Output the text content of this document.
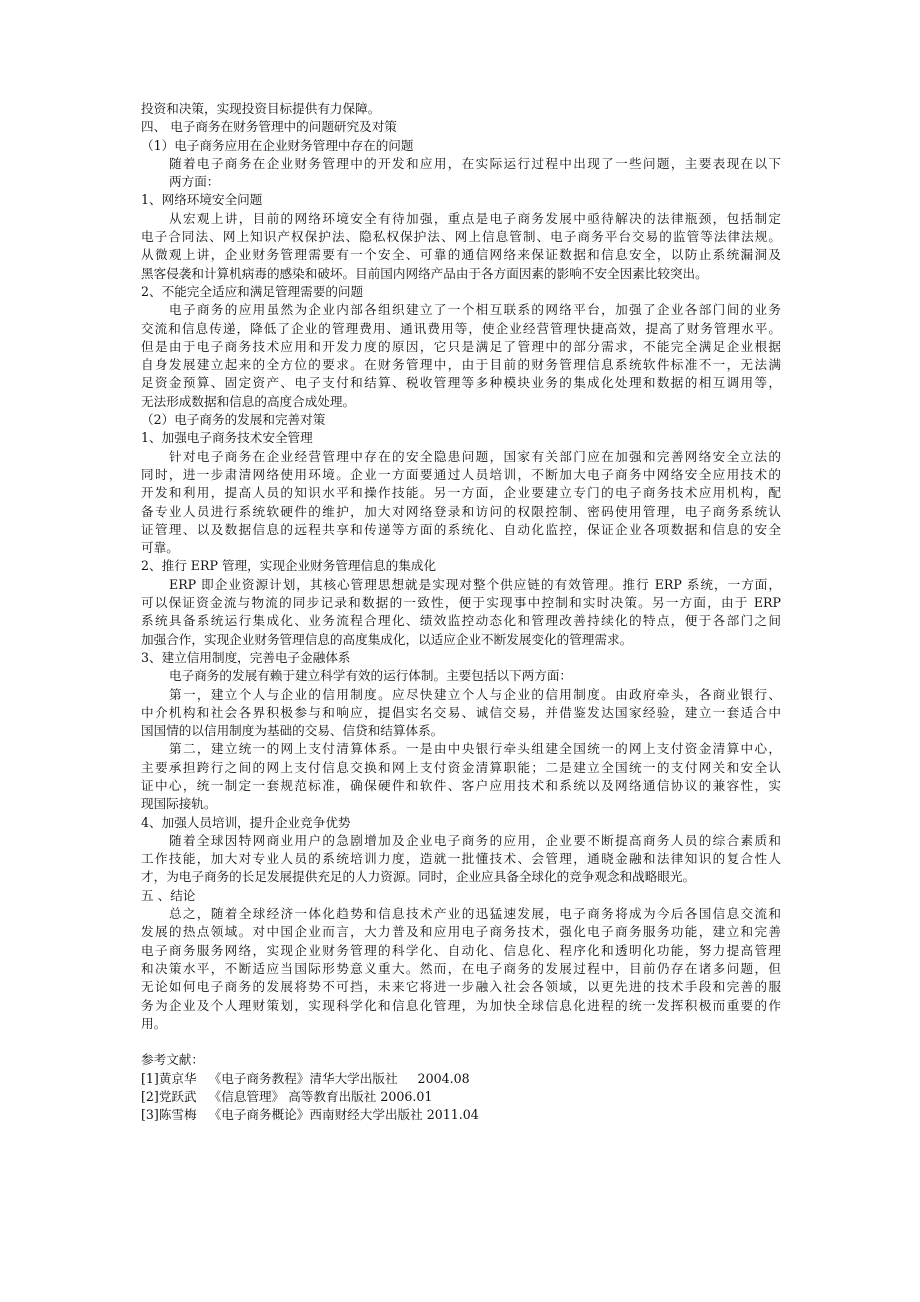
投资和决策，实现投资目标提供有力保障。
四、 电子商务在财务管理中的问题研究及对策
（1）电子商务应用在企业财务管理中存在的问题
随着电子商务在企业财务管理中的开发和应用，在实际运行过程中出现了一些问题，主要表现在以下
两方面：
1、网络环境安全问题
从宏观上讲，目前的网络环境安全有待加强，重点是电子商务发展中亟待解决的法律瓶颈，包括制定
电子合同法、网上知识产权保护法、隐私权保护法、网上信息管制、电子商务平台交易的监管等法律法规。
从微观上讲，企业财务管理需要有一个安全、可靠的通信网络来保证数据和信息安全，以防止系统漏洞及
黑客侵袭和计算机病毒的感染和破坏。目前国内网络产品由于各方面因素的影响不安全因素比较突出。
2、不能完全适应和满足管理需要的问题
电子商务的应用虽然为企业内部各组织建立了一个相互联系的网络平台，加强了企业各部门间的业务
交流和信息传递，降低了企业的管理费用、通讯费用等，使企业经营管理快捷高效，提高了财务管理水平。
但是由于电子商务技术应用和开发力度的原因，它只是满足了管理中的部分需求，不能完全满足企业根据
自身发展建立起来的全方位的要求。在财务管理中，由于目前的财务管理信息系统软件标准不一，无法满
足资金预算、固定资产、电子支付和结算、税收管理等多种模块业务的集成化处理和数据的相互调用等，
无法形成数据和信息的高度合成处理。
（2）电子商务的发展和完善对策
1、加强电子商务技术安全管理
针对电子商务在企业经营管理中存在的安全隐患问题，国家有关部门应在加强和完善网络安全立法的
同时，进一步肃清网络使用环境。企业一方面要通过人员培训，不断加大电子商务中网络安全应用技术的
开发和利用，提高人员的知识水平和操作技能。另一方面，企业要建立专门的电子商务技术应用机构，配
备专业人员进行系统软硬件的维护，加大对网络登录和访问的权限控制、密码使用管理，电子商务系统认
证管理、以及数据信息的远程共享和传递等方面的系统化、自动化监控，保证企业各项数据和信息的安全
可靠。
2、推行 ERP 管理，实现企业财务管理信息的集成化
ERP 即企业资源计划，其核心管理思想就是实现对整个供应链的有效管理。推行 ERP 系统，一方面，
可以保证资金流与物流的同步记录和数据的一致性，便于实现事中控制和实时决策。另一方面，由于 ERP
系统具备系统运行集成化、业务流程合理化、绩效监控动态化和管理改善持续化的特点，便于各部门之间
加强合作，实现企业财务管理信息的高度集成化，以适应企业不断发展变化的管理需求。
3、建立信用制度，完善电子金融体系
电子商务的发展有赖于建立科学有效的运行体制。主要包括以下两方面：
第一，建立个人与企业的信用制度。应尽快建立个人与企业的信用制度。由政府牵头，各商业银行、
中介机构和社会各界积极参与和响应，提倡实名交易、诚信交易，并借鉴发达国家经验，建立一套适合中
国国情的以信用制度为基础的交易、信贷和结算体系。
第二，建立统一的网上支付清算体系。一是由中央银行牵头组建全国统一的网上支付资金清算中心，
主要承担跨行之间的网上支付信息交换和网上支付资金清算职能；二是建立全国统一的支付网关和安全认
证中心，统一制定一套规范标准，确保硬件和软件、客户应用技术和系统以及网络通信协议的兼容性，实
现国际接轨。
4、加强人员培训，提升企业竞争优势
随着全球因特网商业用户的急剧增加及企业电子商务的应用，企业要不断提高商务人员的综合素质和
工作技能，加大对专业人员的系统培训力度，造就一批懂技术、会管理，通晓金融和法律知识的复合性人
才，为电子商务的长足发展提供充足的人力资源。同时，企业应具备全球化的竞争观念和战略眼光。
五 、结论
总之，随着全球经济一体化趋势和信息技术产业的迅猛速发展，电子商务将成为今后各国信息交流和
发展的热点领域。对中国企业而言，大力普及和应用电子商务技术，强化电子商务服务功能，建立和完善
电子商务服务网络，实现企业财务管理的科学化、自动化、信息化、程序化和透明化功能，努力提高管理
和决策水平，不断适应当国际形势意义重大。然而，在电子商务的发展过程中，目前仍存在诸多问题，但
无论如何电子商务的发展将势不可挡，未来它将进一步融入社会各领域，以更先进的技术手段和完善的服
务为企业及个人理财策划，实现科学化和信息化管理，为加快全球信息化进程的统一发挥积极而重要的作
用。
参考文献：
[1]黄京华   《电子商务教程》清华大学出版社     2004.08
[2]党跃武   《信息管理》 高等教育出版社 2006.01
[3]陈雪梅   《电子商务概论》西南财经大学出版社 2011.04
